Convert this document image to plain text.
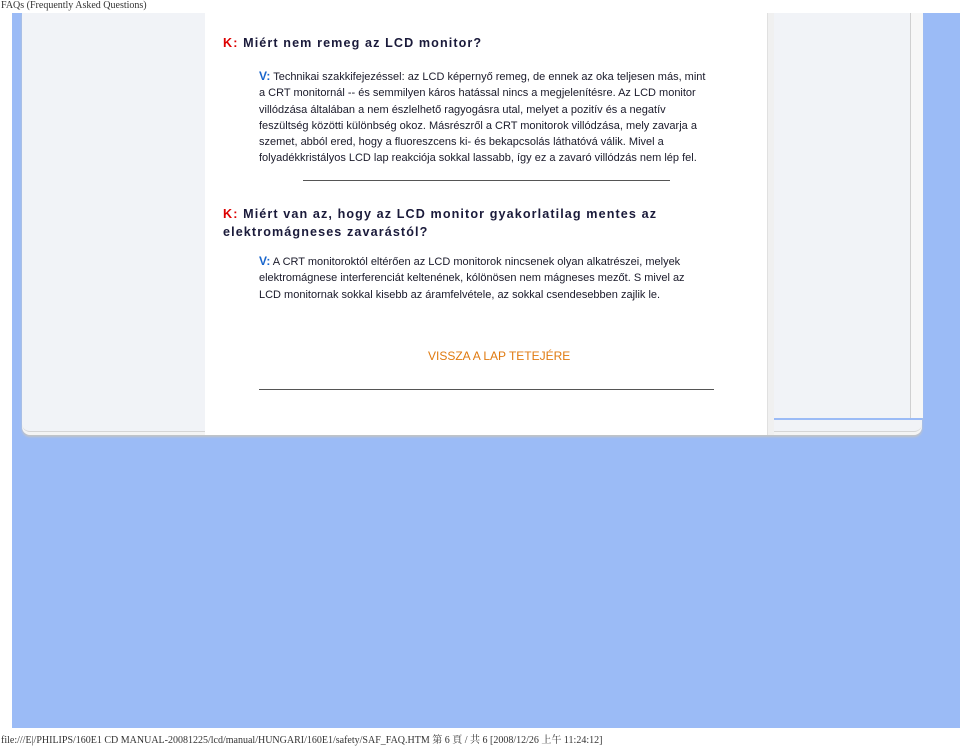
FAQs (Frequently Asked Questions)
K: Miért nem remeg az LCD monitor?
V: Technikai szakkifejezéssel: az LCD képernyő remeg, de ennek az oka teljesen más, mint a CRT monitornál -- és semmilyen káros hatással nincs a megjelenítésre. Az LCD monitor villódzása általában a nem észlelhető ragyogásra utal, melyet a pozitív és a negatív feszültség közötti különbség okoz. Másrészről a CRT monitorok villódzása, mely zavarja a szemet, abból ered, hogy a fluoreszcens ki- és bekapcsolás láthatóvá válik. Mivel a folyadékkristályos LCD lap reakciója sokkal lassabb, így ez a zavaró villódzás nem lép fel.
K: Miért van az, hogy az LCD monitor gyakorlatilag mentes az elektromágneses zavarástól?
V: A CRT monitoroktól eltérően az LCD monitorok nincsenek olyan alkatrészei, melyek elektromágnese interferenciát keltenének, kólönösen nem mágneses mezőt. S mivel az LCD monitornak sokkal kisebb az áramfelvétele, az sokkal csendesebben zajlik le.
VISSZA A LAP TETEJÉRE
file:///E|/PHILIPS/160E1 CD MANUAL-20081225/lcd/manual/HUNGARI/160E1/safety/SAF_FAQ.HTM 第 6 頁 / 共 6 [2008/12/26 上午 11:24:12]
